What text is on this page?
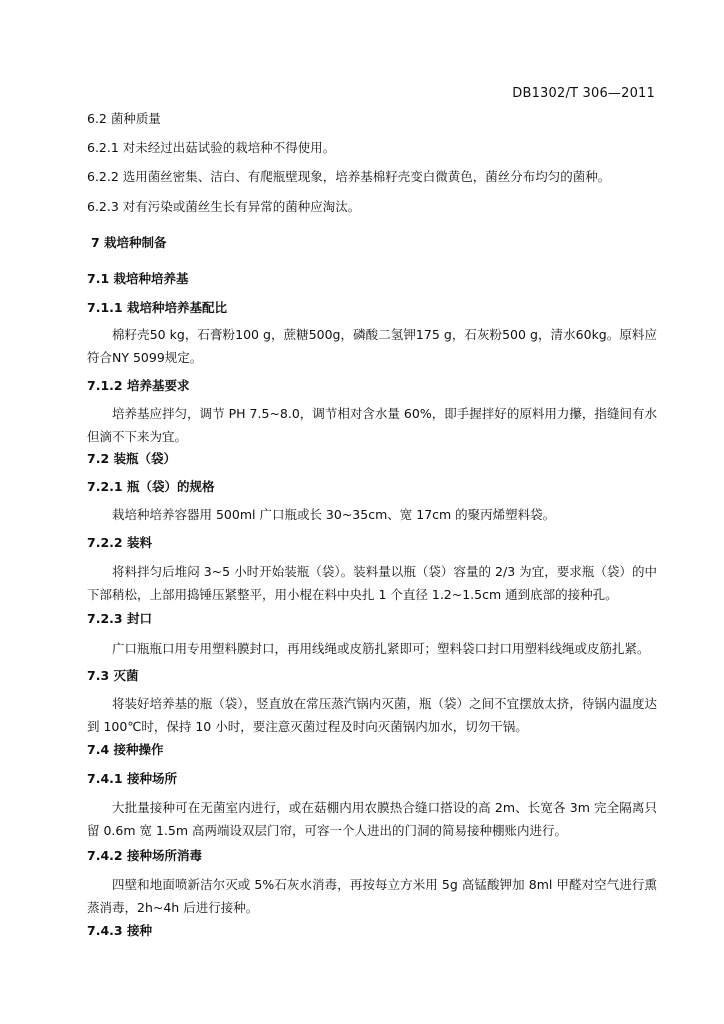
DB1302/T 306—2011
6.2 菌种质量
6.2.1 对未经过出菇试验的栽培种不得使用。
6.2.2 选用菌丝密集、洁白、有爬瓶壁现象，培养基棉籽壳变白微黄色，菌丝分布均匀的菌种。
6.2.3 对有污染或菌丝生长有异常的菌种应淘汰。
7 栽培种制备
7.1 栽培种培养基
7.1.1 栽培种培养基配比
棉籽壳50 kg，石膏粉100 g，蔗糖500g，磷酸二氢钾175 g，石灰粉500 g，清水60kg。原料应符合NY 5099规定。
7.1.2 培养基要求
培养基应拌匀，调节 PH 7.5~8.0，调节相对含水量 60%，即手握拌好的原料用力攥，指缝间有水但滴不下来为宜。
7.2 装瓶（袋）
7.2.1 瓶（袋）的规格
栽培种培养容器用 500ml 广口瓶或长 30~35cm、宽 17cm 的聚丙烯塑料袋。
7.2.2 装料
将料拌匀后堆闷 3~5 小时开始装瓶（袋）。装料量以瓶（袋）容量的 2/3 为宜，要求瓶（袋）的中下部稍松，上部用捣锤压紧整平，用小棍在料中央扎 1 个直径 1.2~1.5cm 通到底部的接种孔。
7.2.3 封口
广口瓶瓶口用专用塑料膜封口，再用线绳或皮筋扎紧即可；塑料袋口封口用塑料线绳或皮筋扎紧。
7.3 灭菌
将装好培养基的瓶（袋），竖直放在常压蒸汽锅内灭菌，瓶（袋）之间不宜摆放太挤，待锅内温度达到 100℃时，保持 10 小时，要注意灭菌过程及时向灭菌锅内加水，切勿干锅。
7.4 接种操作
7.4.1 接种场所
大批量接种可在无菌室内进行，或在菇棚内用农膜热合缝口搭设的高 2m、长宽各 3m 完全隔离只留 0.6m 宽 1.5m 高两端设双层门帘，可容一个人进出的门洞的简易接种棚账内进行。
7.4.2 接种场所消毒
四壁和地面喷新洁尔灭或 5%石灰水消毒，再按每立方米用 5g 高锰酸钾加 8ml 甲醛对空气进行熏蒸消毒，2h~4h 后进行接种。
7.4.3 接种
